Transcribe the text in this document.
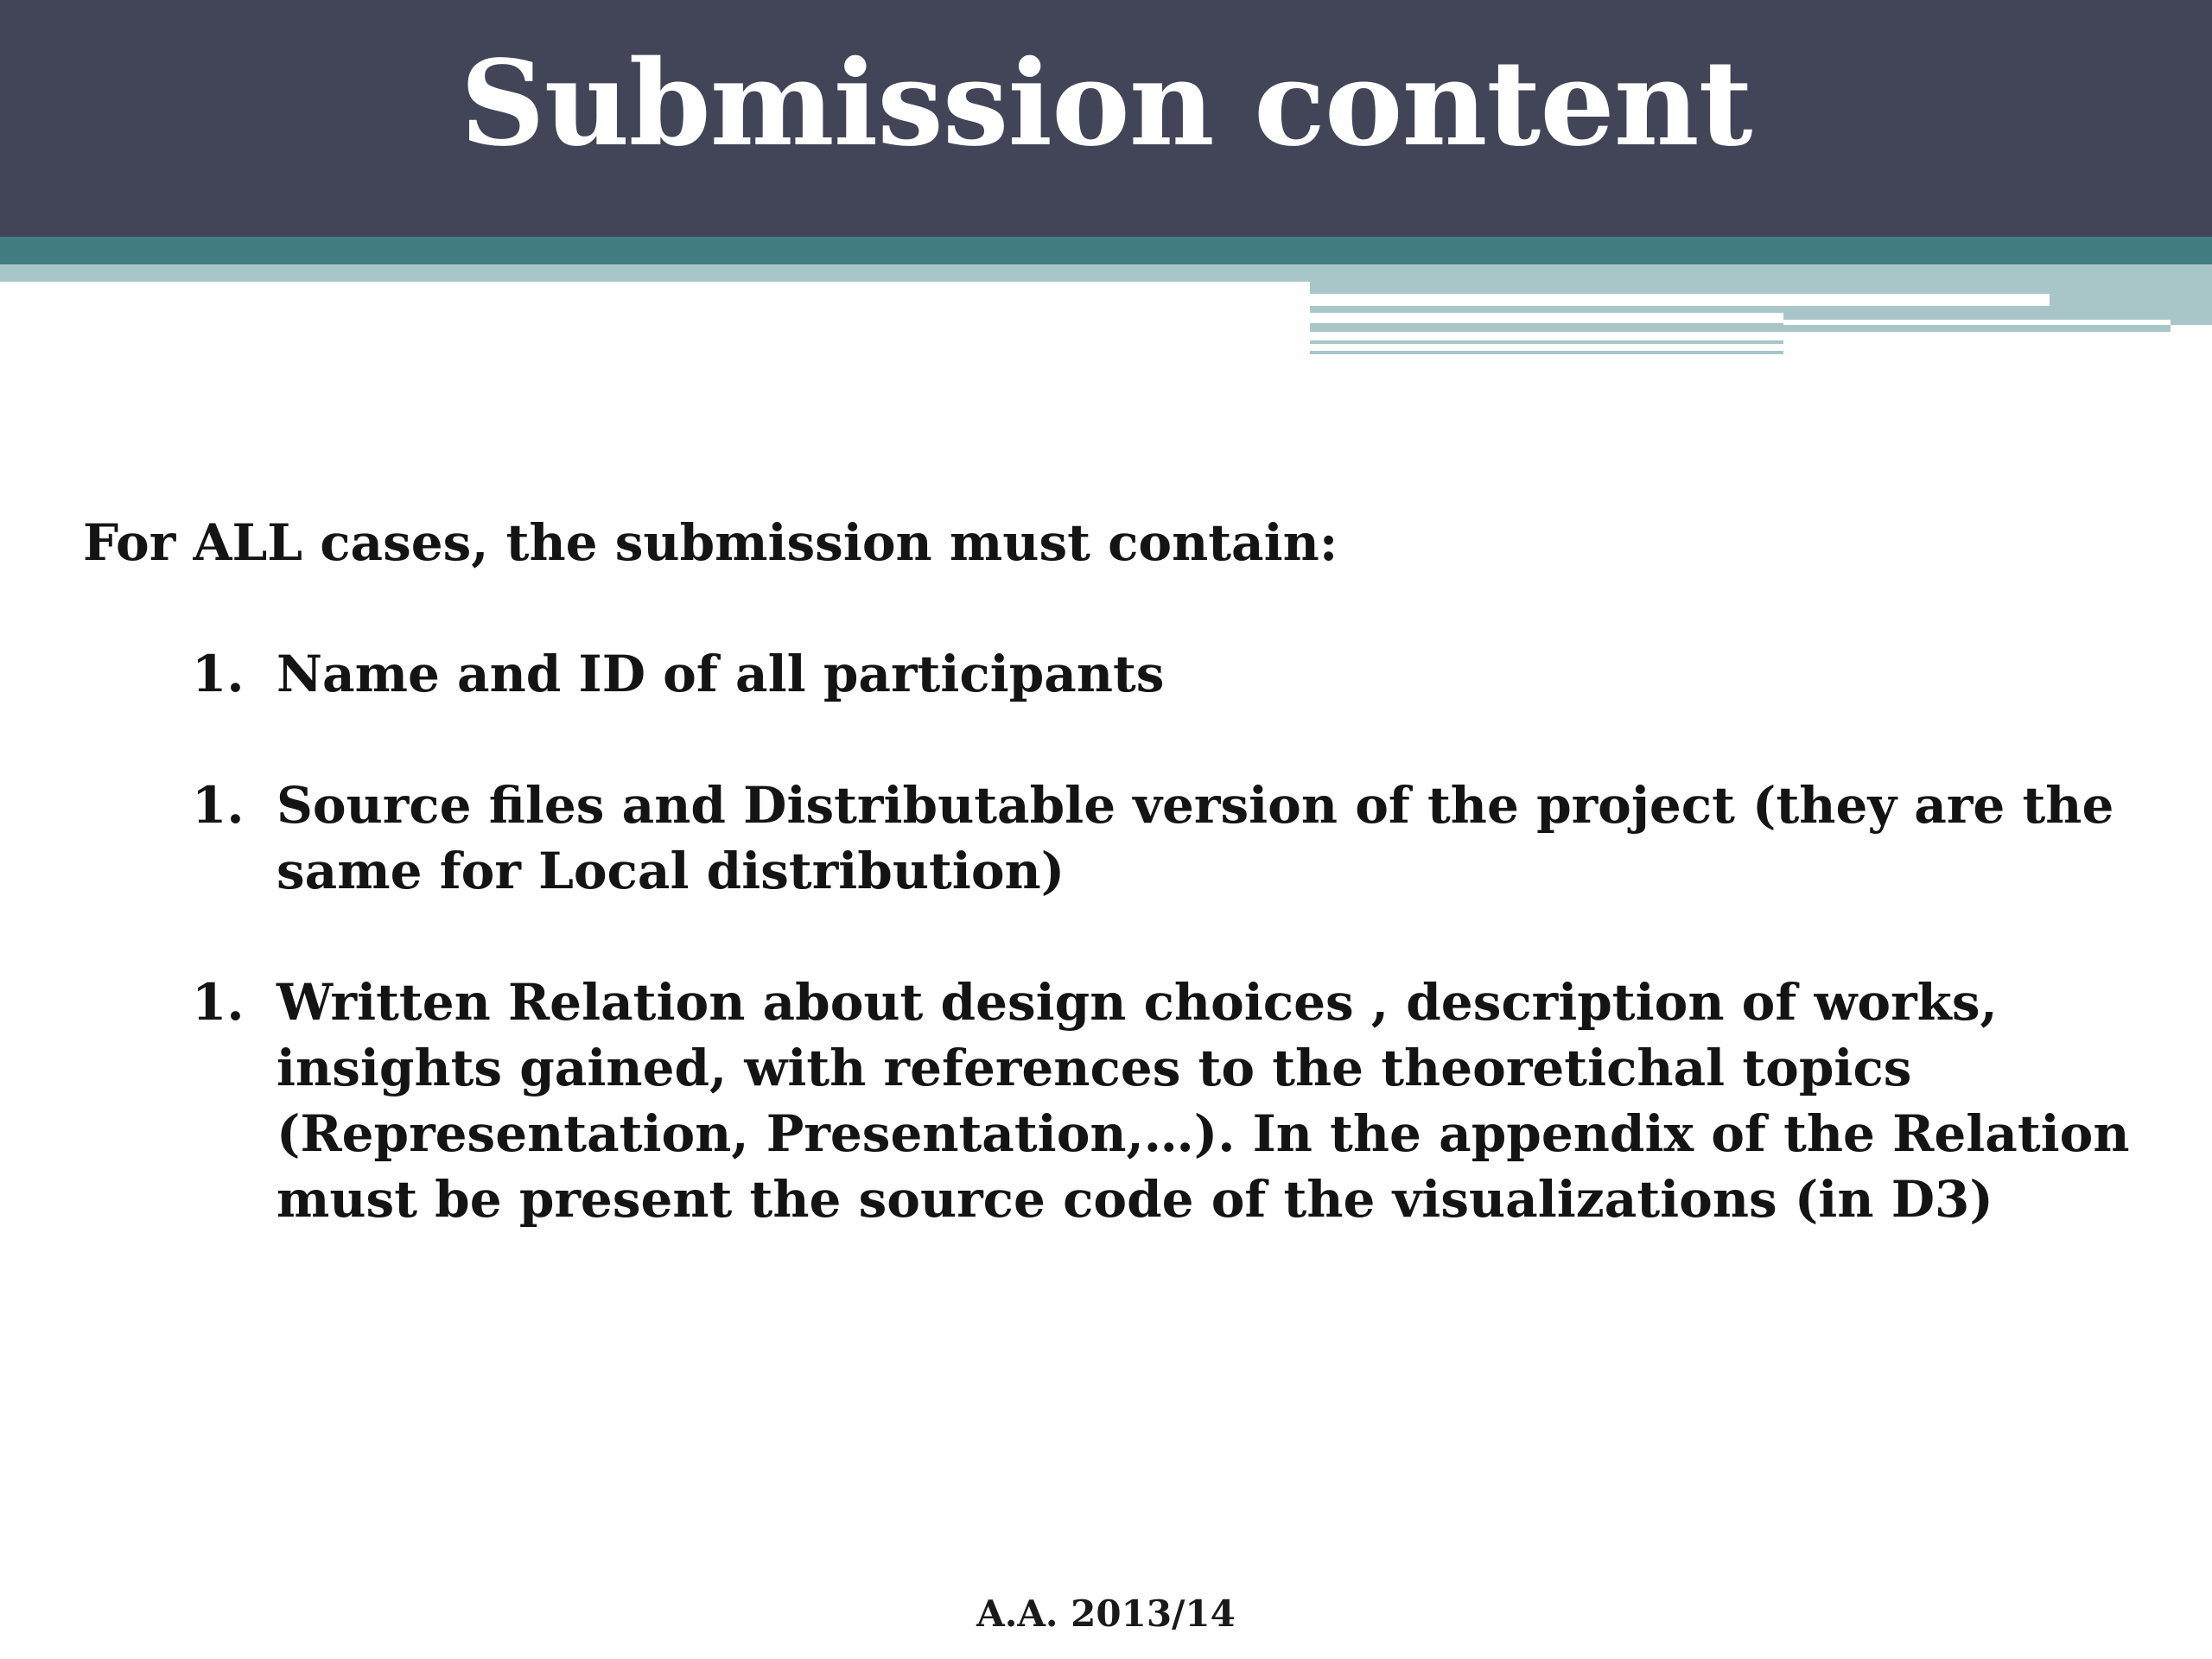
Submission content

For ALL cases, the submission must contain:

1. Name and ID of all participants
1. Source files and Distributable version of the project (they are the same for Local distribution)
1. Written Relation about design choices , description of works, insights gained, with references to the theoretichal topics (Representation, Presentation,…). In the appendix of the Relation must be present the source code of the visualizations (in D3)
A.A. 2013/14
